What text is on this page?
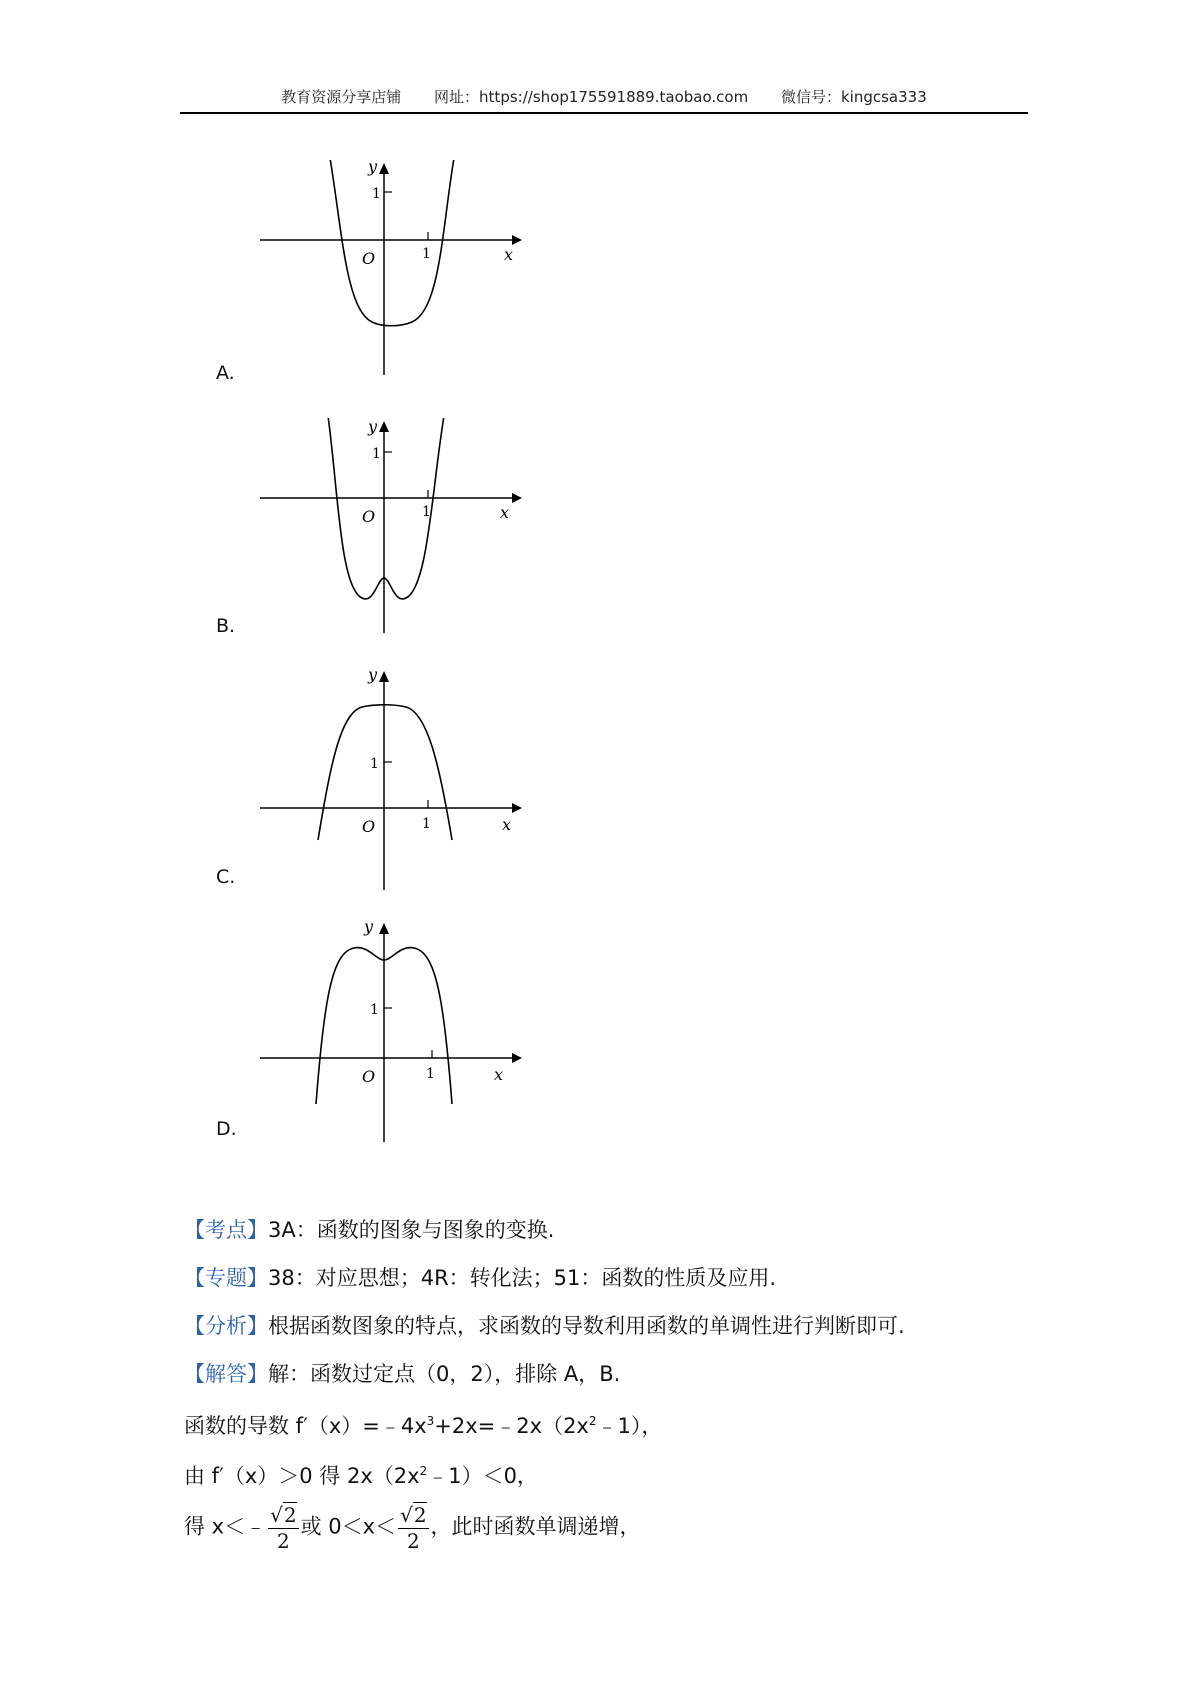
教育资源分享店铺 网址：https://shop175591889.taobao.com 微信号：kingcsa333
y
1
O	1	x
A.
y
1
O	1	x
B.
y
1
O	1	x
C.
y
1
O	1	x
D.
【考点】3A：函数的图象与图象的变换.
【专题】38：对应思想；4R：转化法；51：函数的性质及应用.
【分析】根据函数图象的特点，求函数的导数利用函数的单调性进行判断即可.
【解答】解：函数过定点（0，2），排除 A，B.
函数的导数 $f'(x)=﹣4x^3+2x=﹣2x(2x^2﹣1)$，
由 f′（x）＞0 得 $2x(2x^2﹣1)<0$，
得 x＜﹣ $\frac{√2}{2}$ 或 $0<x< \frac{√2}{2}$ ，此时函数单调递增，
